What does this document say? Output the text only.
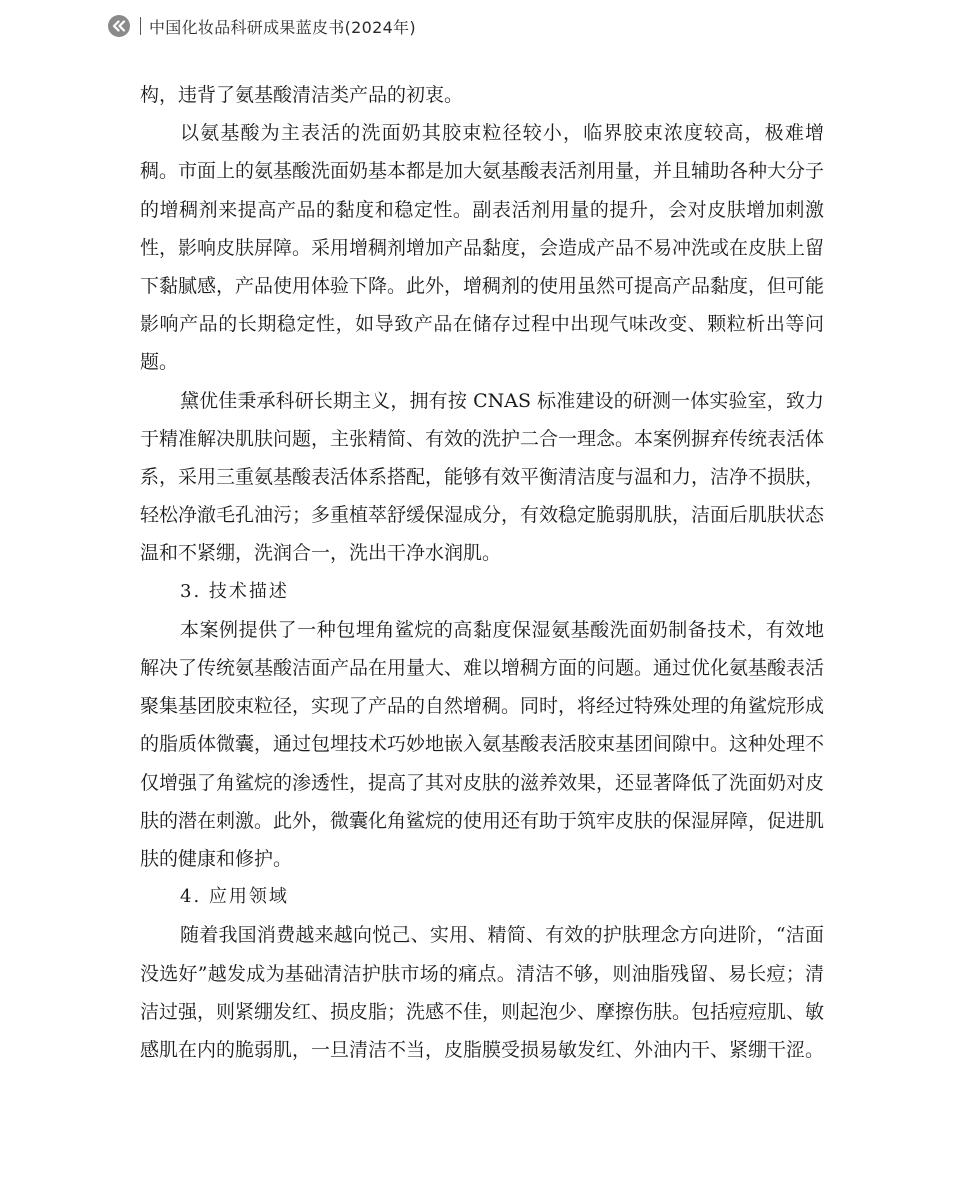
中国化妆品科研成果蓝皮书(2024年)

构，违背了氨基酸清洁类产品的初衷。

以氨基酸为主表活的洗面奶其胶束粒径较小，临界胶束浓度较高，极难增稠。市面上的氨基酸洗面奶基本都是加大氨基酸表活剂用量，并且辅助各种大分子的增稠剂来提高产品的黏度和稳定性。副表活剂用量的提升，会对皮肤增加刺激性，影响皮肤屏障。采用增稠剂增加产品黏度，会造成产品不易冲洗或在皮肤上留下黏腻感，产品使用体验下降。此外，增稠剂的使用虽然可提高产品黏度，但可能影响产品的长期稳定性，如导致产品在储存过程中出现气味改变、颗粒析出等问题。

黛优佳秉承科研长期主义，拥有按 CNAS 标准建设的研测一体实验室，致力于精准解决肌肤问题，主张精简、有效的洗护二合一理念。本案例摒弃传统表活体系，采用三重氨基酸表活体系搭配，能够有效平衡清洁度与温和力，洁净不损肤，轻松净澈毛孔油污；多重植萃舒缓保湿成分，有效稳定脆弱肌肤，洁面后肌肤状态温和不紧绷，洗润合一，洗出干净水润肌。

3. 技术描述

本案例提供了一种包埋角鲨烷的高黏度保湿氨基酸洗面奶制备技术，有效地解决了传统氨基酸洁面产品在用量大、难以增稠方面的问题。通过优化氨基酸表活聚集基团胶束粒径，实现了产品的自然增稠。同时，将经过特殊处理的角鲨烷形成的脂质体微囊，通过包埋技术巧妙地嵌入氨基酸表活胶束基团间隙中。这种处理不仅增强了角鲨烷的渗透性，提高了其对皮肤的滋养效果，还显著降低了洗面奶对皮肤的潜在刺激。此外，微囊化角鲨烷的使用还有助于筑牢皮肤的保湿屏障，促进肌肤的健康和修护。

4. 应用领域

随着我国消费越来越向悦己、实用、精简、有效的护肤理念方向进阶，“洁面没选好”越发成为基础清洁护肤市场的痛点。清洁不够，则油脂残留、易长痘；清洁过强，则紧绷发红、损皮脂；洗感不佳，则起泡少、摩擦伤肤。包括痘痘肌、敏感肌在内的脆弱肌，一旦清洁不当，皮脂膜受损易敏发红、外油内干、紧绷干涩。
